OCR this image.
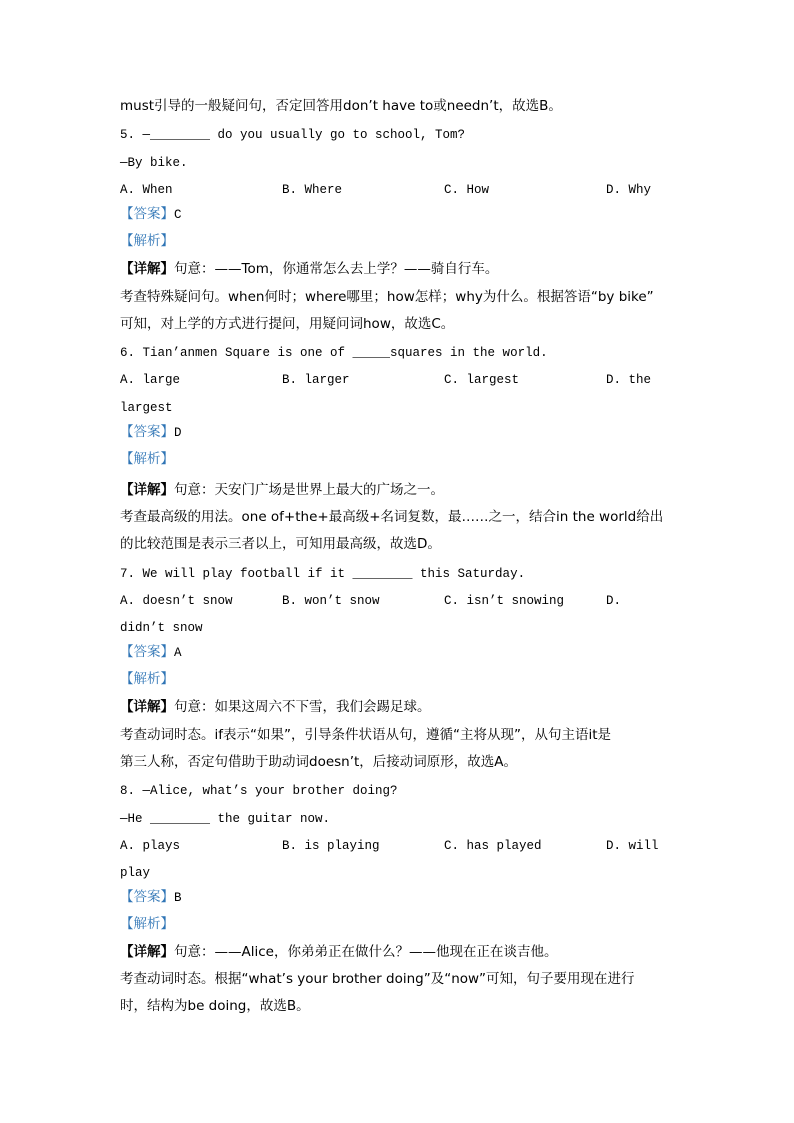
must引导的一般疑问句，否定回答用don’t have to或needn’t，故选B。
5. —________ do you usually go to school, Tom?
—By bike.
A. When	B. Where	C. How	D. Why
【答案】C
【解析】
【详解】句意：——Tom，你通常怎么去上学？——骑自行车。
考查特殊疑问句。when何时；where哪里；how怎样；why为什么。根据答语“by bike”
可知，对上学的方式进行提问，用疑问词how，故选C。
6. Tian’anmen Square is one of _____squares in the world.
A. large	B. larger	C. largest	D. the
largest
【答案】D
【解析】
【详解】句意：天安门广场是世界上最大的广场之一。
考查最高级的用法。one of+the+最高级+名词复数，最……之一，结合in the world给出
的比较范围是表示三者以上，可知用最高级，故选D。
7. We will play football if it ________ this Saturday.
A. doesn’t snow	B. won’t snow	C. isn’t snowing	D.
didn’t snow
【答案】A
【解析】
【详解】句意：如果这周六不下雪，我们会踢足球。
考查动词时态。if表示“如果”，引导条件状语从句，遵循“主将从现”，从句主语it是
第三人称，否定句借助于助动词doesn’t，后接动词原形，故选A。
8. —Alice, what’s your brother doing?
—He ________ the guitar now.
A. plays	B. is playing	C. has played	D. will
play
【答案】B
【解析】
【详解】句意：——Alice，你弟弟正在做什么？——他现在正在谈吉他。
考查动词时态。根据“what’s your brother doing”及“now”可知，句子要用现在进行
时，结构为be doing，故选B。
